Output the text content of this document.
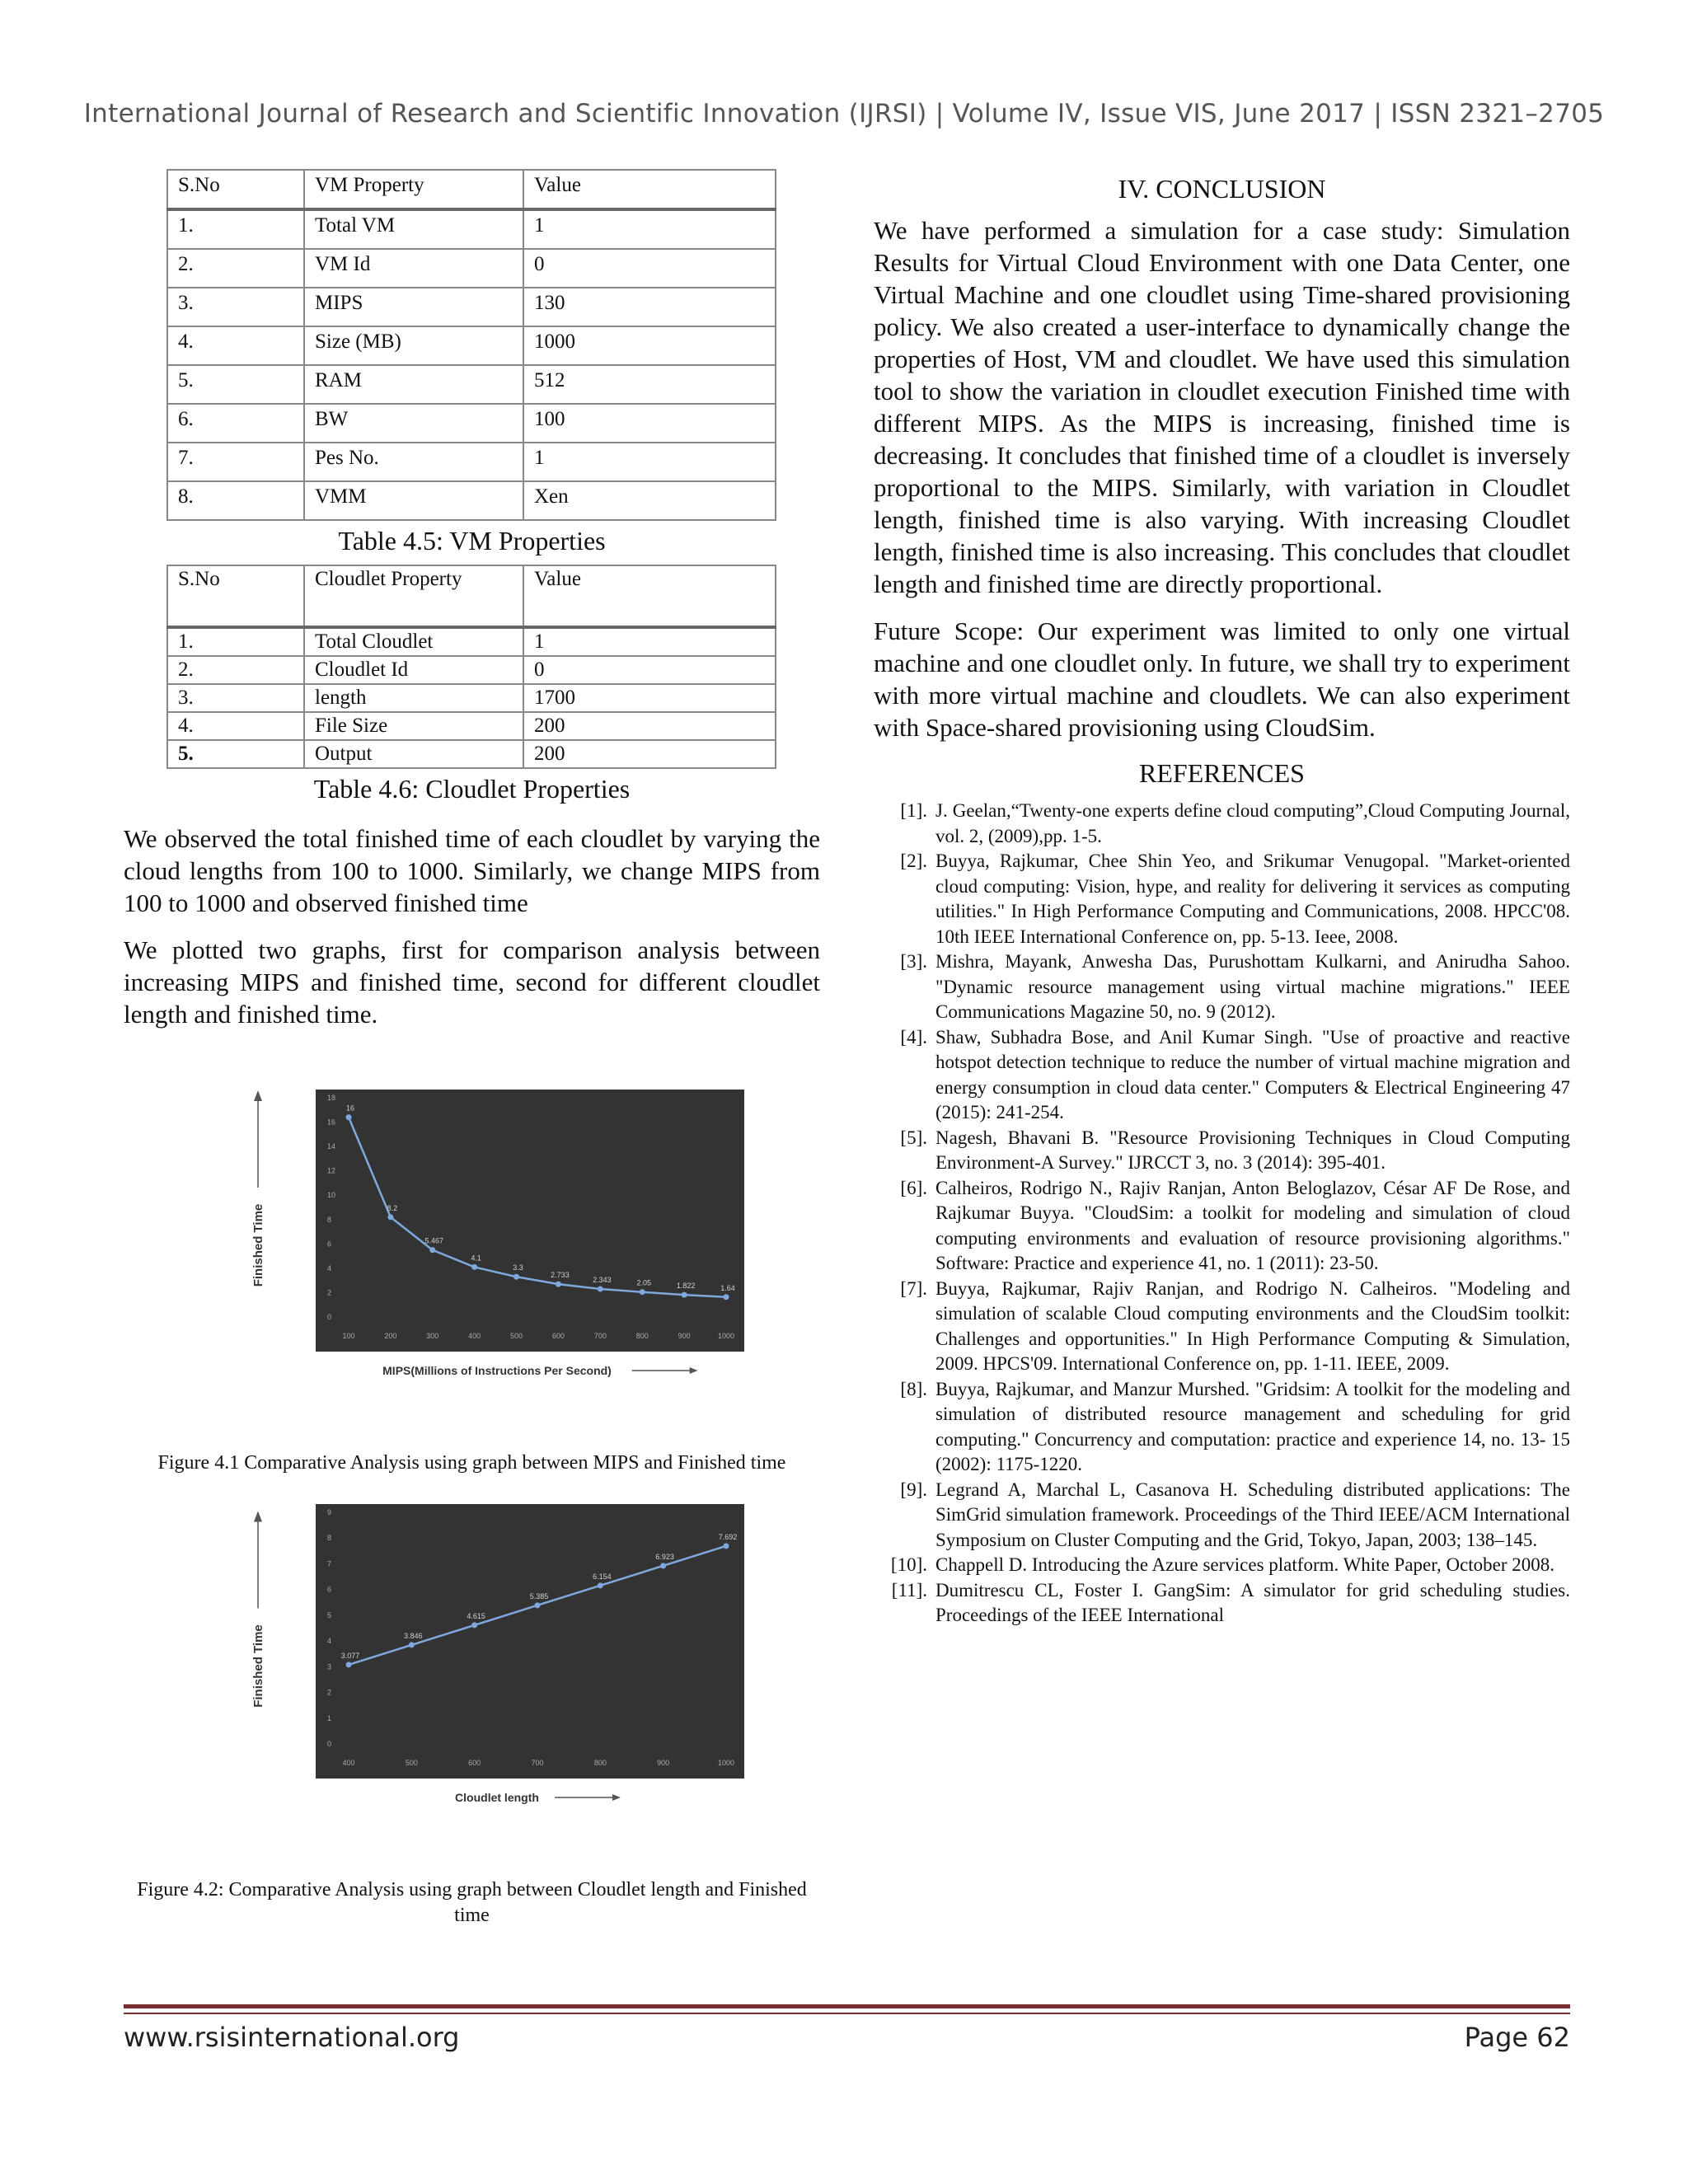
International Journal of Research and Scientific Innovation (IJRSI) | Volume IV, Issue VIS, June 2017 | ISSN 2321–2705
S.No	VM Property	Value
1.	Total VM	1
2.	VM Id	0
3.	MIPS	130
4.	Size (MB)	1000
5.	RAM	512
6.	BW	100
7.	Pes No.	1
8.	VMM	Xen
Table 4.5: VM Properties
S.No	Cloudlet Property	Value
1.	Total Cloudlet	1
2.	Cloudlet Id	0
3.	length	1700
4.	File Size	200
5.	Output	200
Table 4.6: Cloudlet Properties

We observed the total finished time of each cloudlet by varying the cloud lengths from 100 to 1000. Similarly, we change MIPS from 100 to 1000 and observed finished time

We plotted two graphs, first for comparison analysis between increasing MIPS and finished time, second for different cloudlet length and finished time.

0
2
4
6
8
10
12
14
16
18
100	200	300	400	500	600	700	800	900	1000
16
8.2
5.467
4.1
3.3
2.733
2.343	2.05	1.822	1.64
Finished Time
MIPS(Millions of Instructions Per Second)
Figure 4.1 Comparative Analysis using graph between MIPS and Finished time
0
1
2
3
4
5
6
7
8
9
400	500	600	700	800	900	1000
3.077
3.846
4.615
5.385
6.154
6.923
7.692
Finished Time
Cloudlet length
Figure 4.2: Comparative Analysis using graph between Cloudlet length and Finished time
IV. CONCLUSION

We have performed a simulation for a case study: Simulation Results for Virtual Cloud Environment with one Data Center, one Virtual Machine and one cloudlet using Time-shared provisioning policy. We also created a user-interface to dynamically change the properties of Host, VM and cloudlet. We have used this simulation tool to show the variation in cloudlet execution Finished time with different MIPS. As the MIPS is increasing, finished time is decreasing. It concludes that finished time of a cloudlet is inversely proportional to the MIPS. Similarly, with variation in Cloudlet length, finished time is also varying. With increasing Cloudlet length, finished time is also increasing. This concludes that cloudlet length and finished time are directly proportional.

Future Scope: Our experiment was limited to only one virtual machine and one cloudlet only. In future, we shall try to experiment with more virtual machine and cloudlets. We can also experiment with Space-shared provisioning using CloudSim.

REFERENCES
[1]. J. Geelan,“Twenty-one experts define cloud computing”,Cloud Computing Journal, vol. 2, (2009),pp. 1-5.
[2]. Buyya, Rajkumar, Chee Shin Yeo, and Srikumar Venugopal. "Market-oriented cloud computing: Vision, hype, and reality for delivering it services as computing utilities." In High Performance Computing and Communications, 2008. HPCC'08. 10th IEEE International Conference on, pp. 5-13. Ieee, 2008.
[3]. Mishra, Mayank, Anwesha Das, Purushottam Kulkarni, and Anirudha Sahoo. "Dynamic resource management using virtual machine migrations." IEEE Communications Magazine 50, no. 9 (2012).
[4]. Shaw, Subhadra Bose, and Anil Kumar Singh. "Use of proactive and reactive hotspot detection technique to reduce the number of virtual machine migration and energy consumption in cloud data center." Computers & Electrical Engineering 47 (2015): 241-254.
[5]. Nagesh, Bhavani B. "Resource Provisioning Techniques in Cloud Computing Environment-A Survey." IJRCCT 3, no. 3 (2014): 395-401.
[6]. Calheiros, Rodrigo N., Rajiv Ranjan, Anton Beloglazov, César AF De Rose, and Rajkumar Buyya. "CloudSim: a toolkit for modeling and simulation of cloud computing environments and evaluation of resource provisioning algorithms." Software: Practice and experience 41, no. 1 (2011): 23-50.
[7]. Buyya, Rajkumar, Rajiv Ranjan, and Rodrigo N. Calheiros. "Modeling and simulation of scalable Cloud computing environments and the CloudSim toolkit: Challenges and opportunities." In High Performance Computing & Simulation, 2009. HPCS'09. International Conference on, pp. 1-11. IEEE, 2009.
[8]. Buyya, Rajkumar, and Manzur Murshed. "Gridsim: A toolkit for the modeling and simulation of distributed resource management and scheduling for grid computing." Concurrency and computation: practice and experience 14, no. 13- 15 (2002): 1175-1220.
[9]. Legrand A, Marchal L, Casanova H. Scheduling distributed applications: The SimGrid simulation framework. Proceedings of the Third IEEE/ACM International Symposium on Cluster Computing and the Grid, Tokyo, Japan, 2003; 138–145.
[10]. Chappell D. Introducing the Azure services platform. White Paper, October 2008.
[11]. Dumitrescu CL, Foster I. GangSim: A simulator for grid scheduling studies. Proceedings of the IEEE International
www.rsisinternational.org	Page 62
